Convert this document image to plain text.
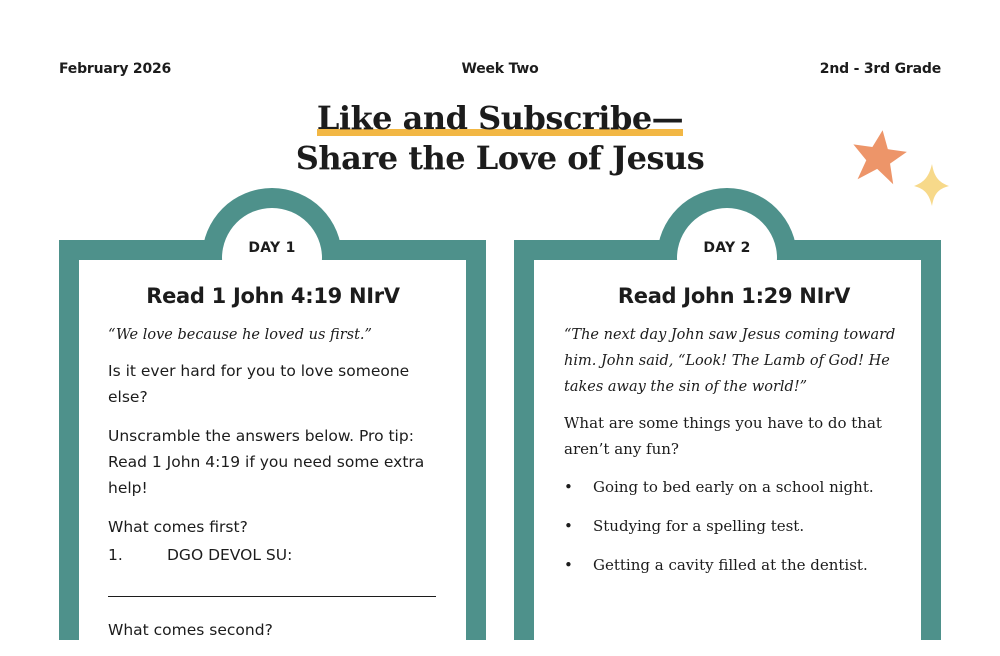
February 2026	Week Two	2nd - 3rd Grade
Like and Subscribe—
Share the Love of Jesus
DAY 1
Read 1 John 4:19 NIrV
“We love because he loved us first.”
Is it ever hard for you to love someone else?
Unscramble the answers below. Pro tip: Read 1 John 4:19 if you need some extra help!
What comes first?
1.	DGO DEVOL SU:
What comes second?
DAY 2
Read John 1:29 NIrV
“The next day John saw Jesus coming toward him. John said, “Look! The Lamb of God! He takes away the sin of the world!”
What are some things you have to do that aren’t any fun?
•	Going to bed early on a school night.
•	Studying for a spelling test.
•	Getting a cavity filled at the dentist.
